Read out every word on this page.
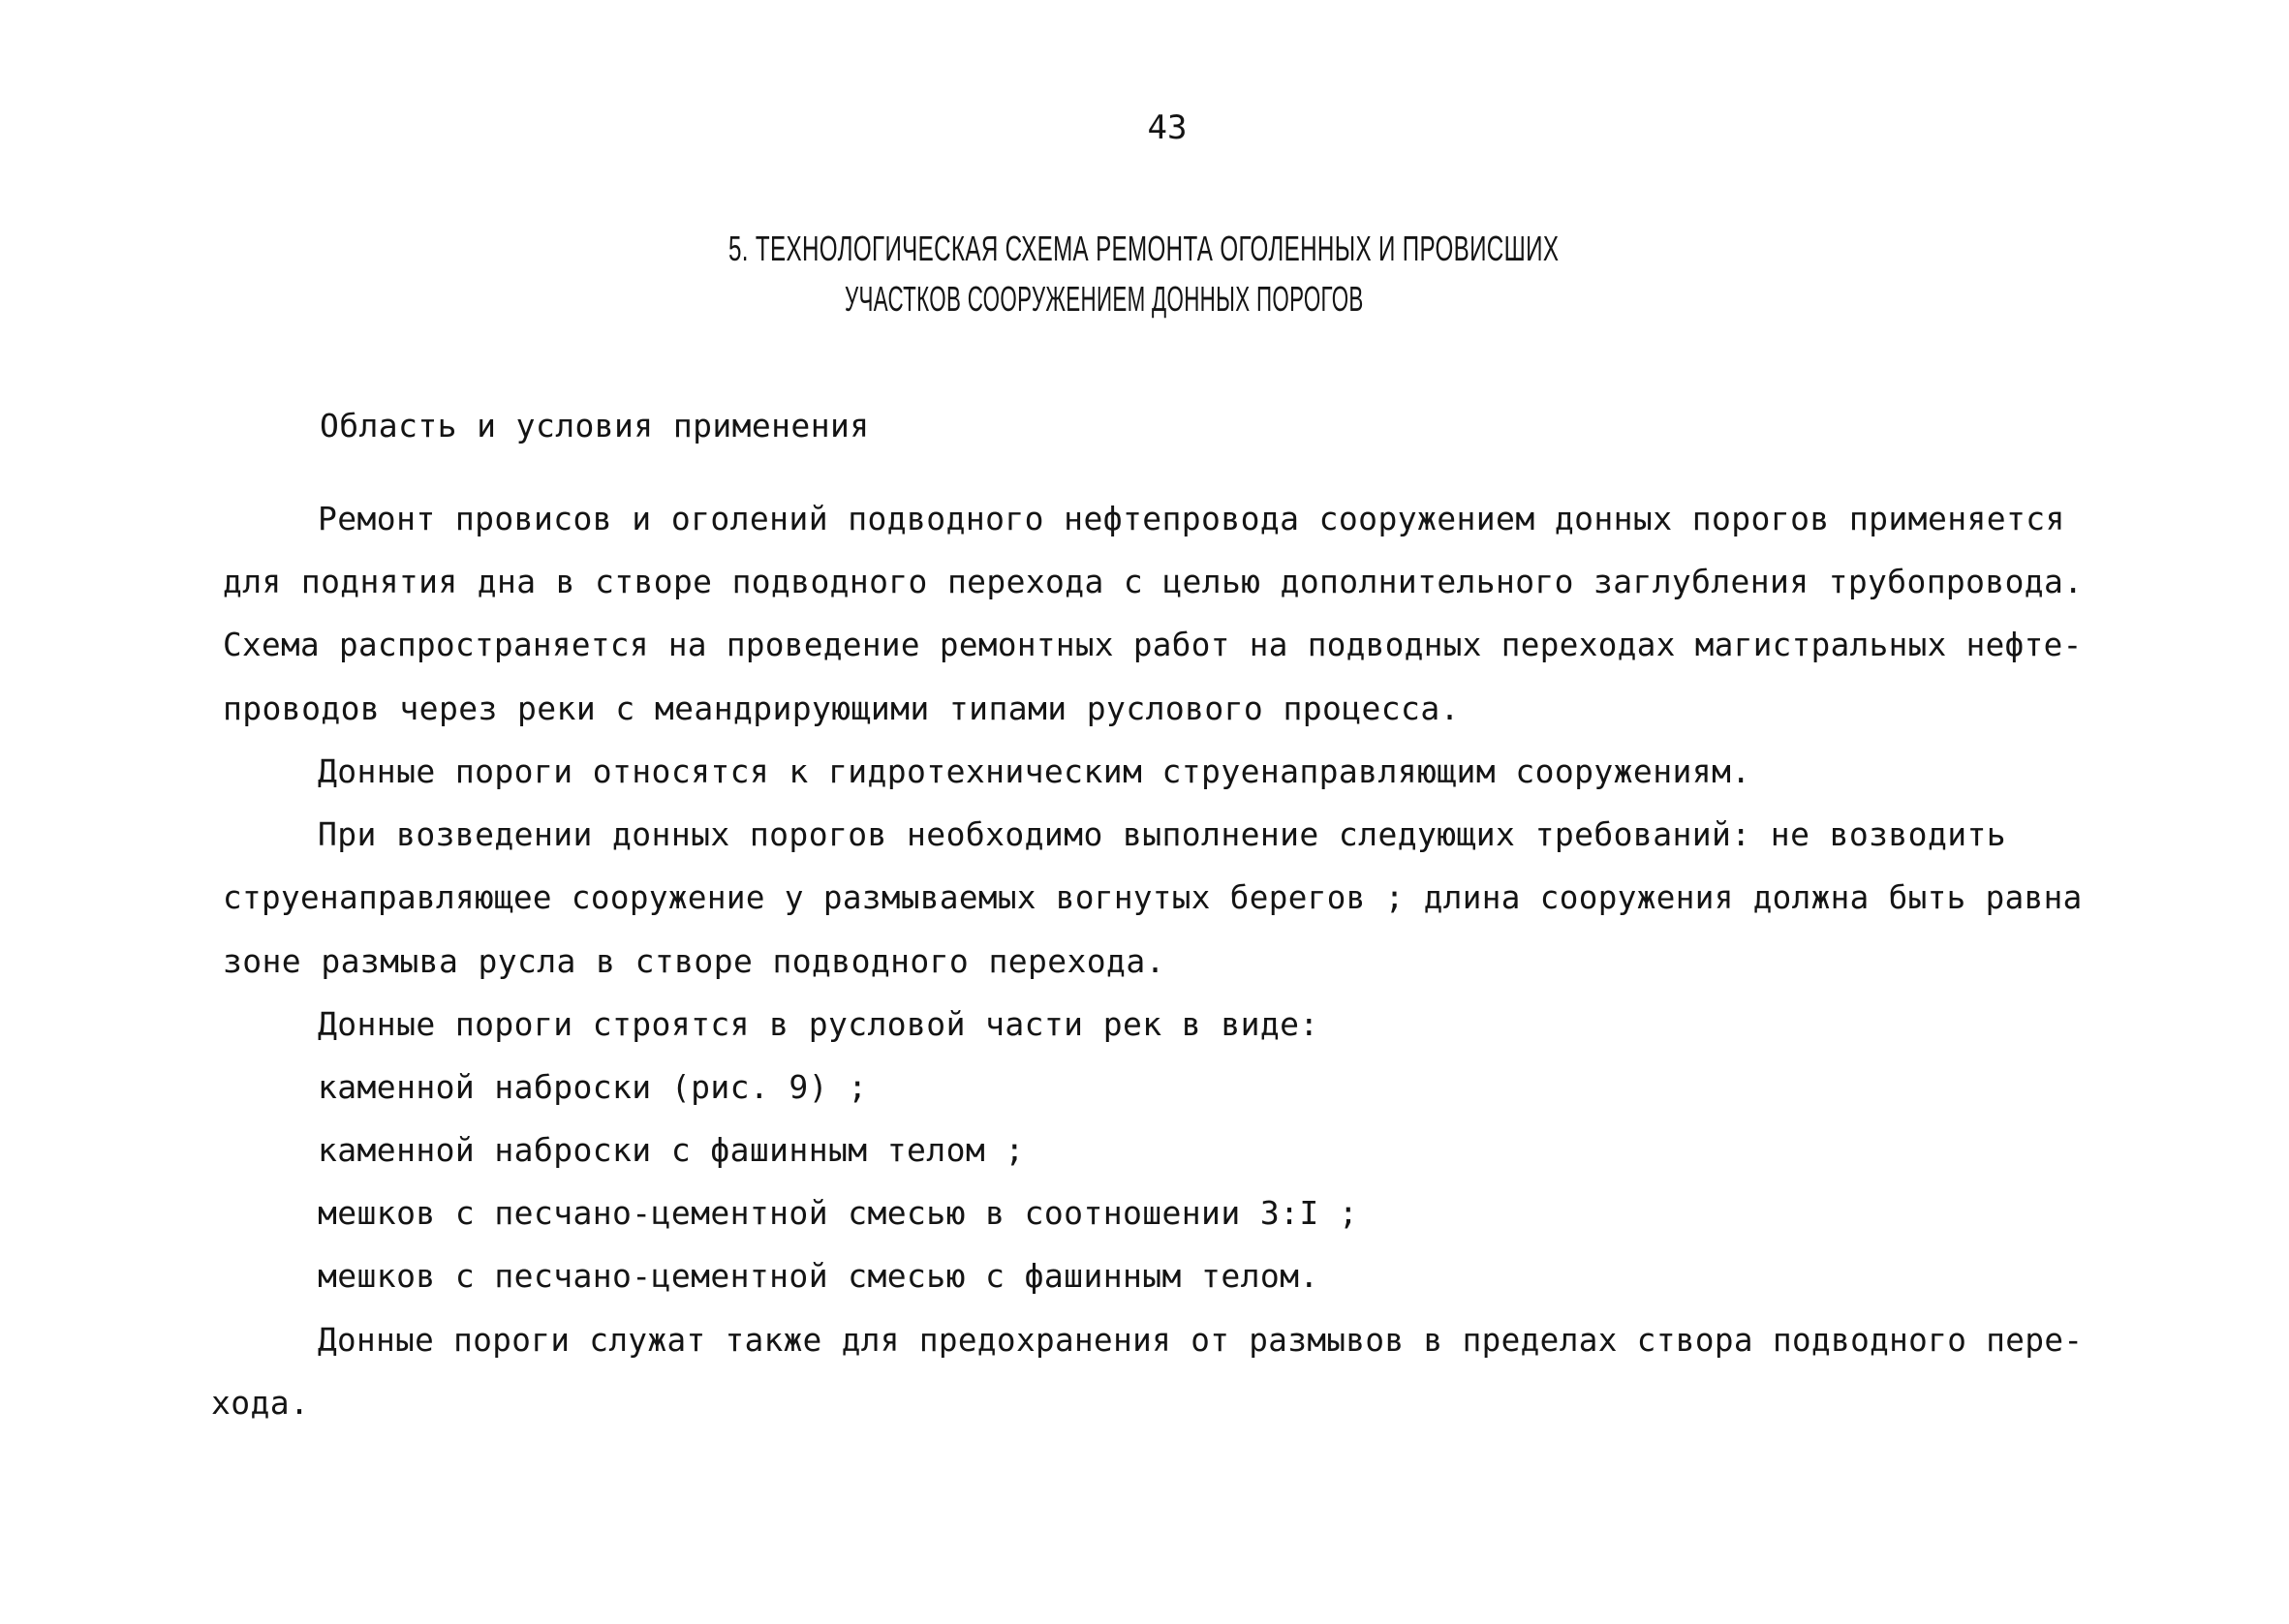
43
5. ТЕХНОЛОГИЧЕСКАЯ СХЕМА РЕМОНТА ОГОЛЕННЫХ И ПРОВИСШИХ
УЧАСТКОВ СООРУЖЕНИЕМ ДОННЫХ ПОРОГОВ
Область и условия применения
Ремонт провисов и оголений подводного нефтепровода сооружением донных порогов применяется
для поднятия дна в створе подводного перехода с целью дополнительного заглубления трубопровода.
Схема распространяется на проведение ремонтных работ на подводных переходах магистральных нефте-
проводов через реки с меандрирующими типами руслового процесса.
Донные пороги относятся к гидротехническим струенаправляющим сооружениям.
При возведении донных порогов необходимо выполнение следующих требований: не возводить
струенаправляющее сооружение у размываемых вогнутых берегов ; длина сооружения должна быть равна
зоне размыва русла в створе подводного перехода.
Донные пороги строятся в русловой части рек в виде:
каменной наброски (рис. 9) ;
каменной наброски с фашинным телом ;
мешков с песчано-цементной смесью в соотношении 3:I ;
мешков с песчано-цементной смесью с фашинным телом.
Донные пороги служат также для предохранения от размывов в пределах створа подводного пере-
хода.
